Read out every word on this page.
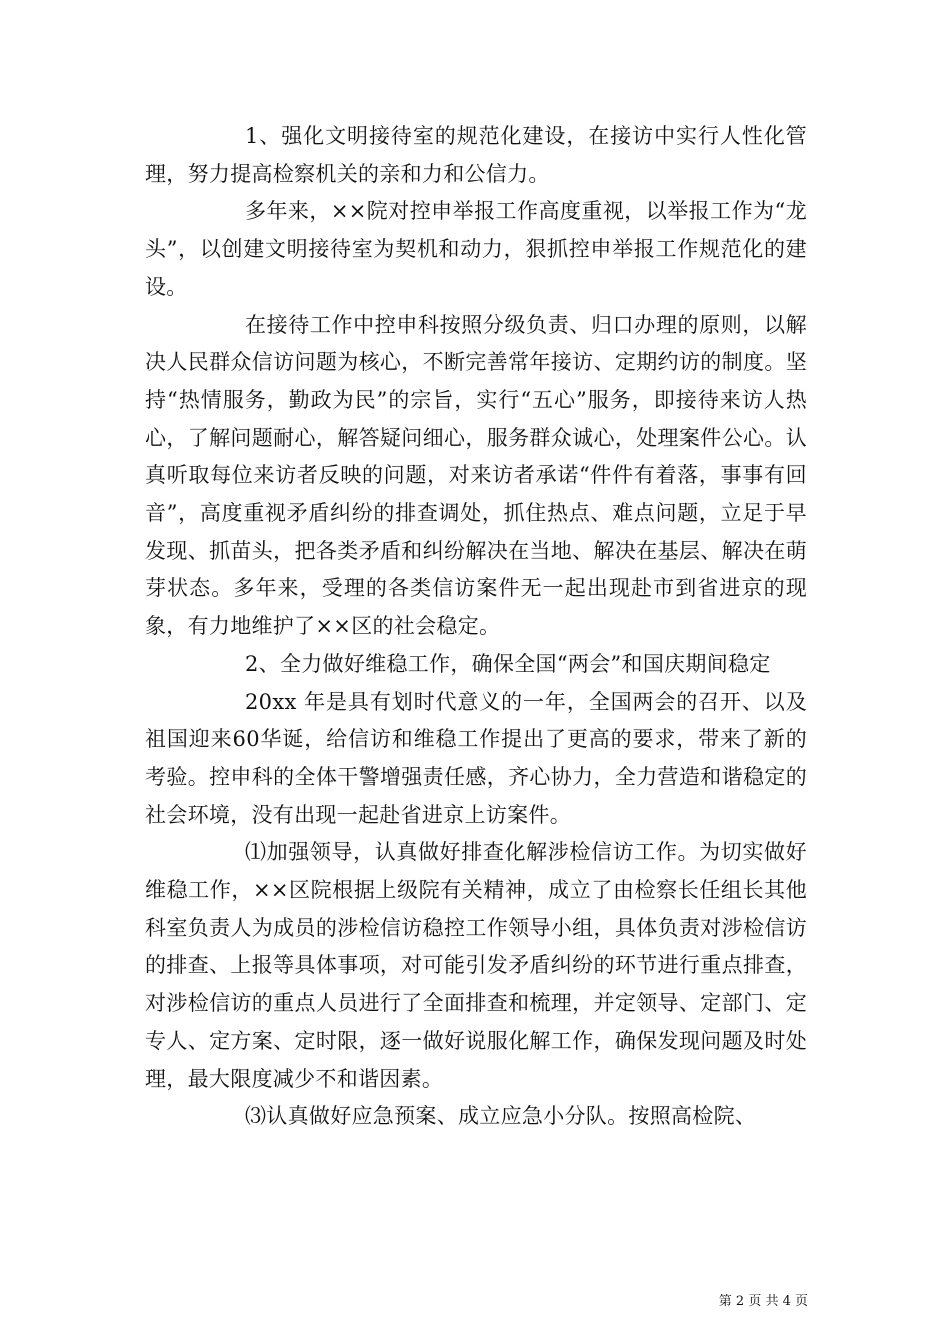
1、强化文明接待室的规范化建设，在接访中实行人性化管理，努力提高检察机关的亲和力和公信力。

多年来，××院对控申举报工作高度重视，以举报工作为“龙头”，以创建文明接待室为契机和动力，狠抓控申举报工作规范化的建设。

在接待工作中控申科按照分级负责、归口办理的原则，以解决人民群众信访问题为核心，不断完善常年接访、定期约访的制度。坚持“热情服务，勤政为民”的宗旨，实行“五心”服务，即接待来访人热心，了解问题耐心，解答疑问细心，服务群众诚心，处理案件公心。认真听取每位来访者反映的问题，对来访者承诺“件件有着落，事事有回音”，高度重视矛盾纠纷的排查调处，抓住热点、难点问题，立足于早发现、抓苗头，把各类矛盾和纠纷解决在当地、解决在基层、解决在萌芽状态。多年来，受理的各类信访案件无一起出现赴市到省进京的现象，有力地维护了××区的社会稳定。

2、全力做好维稳工作，确保全国“两会”和国庆期间稳定

20xx 年是具有划时代意义的一年，全国两会的召开、以及祖国迎来60华诞，给信访和维稳工作提出了更高的要求，带来了新的考验。控申科的全体干警增强责任感，齐心协力，全力营造和谐稳定的社会环境，没有出现一起赴省进京上访案件。

⑴加强领导，认真做好排查化解涉检信访工作。为切实做好维稳工作，××区院根据上级院有关精神，成立了由检察长任组长其他科室负责人为成员的涉检信访稳控工作领导小组，具体负责对涉检信访的排查、上报等具体事项，对可能引发矛盾纠纷的环节进行重点排查，对涉检信访的重点人员进行了全面排查和梳理，并定领导、定部门、定专人、定方案、定时限，逐一做好说服化解工作，确保发现问题及时处理，最大限度减少不和谐因素。

⑶认真做好应急预案、成立应急小分队。按照高检院、

第 2 页 共 4 页
